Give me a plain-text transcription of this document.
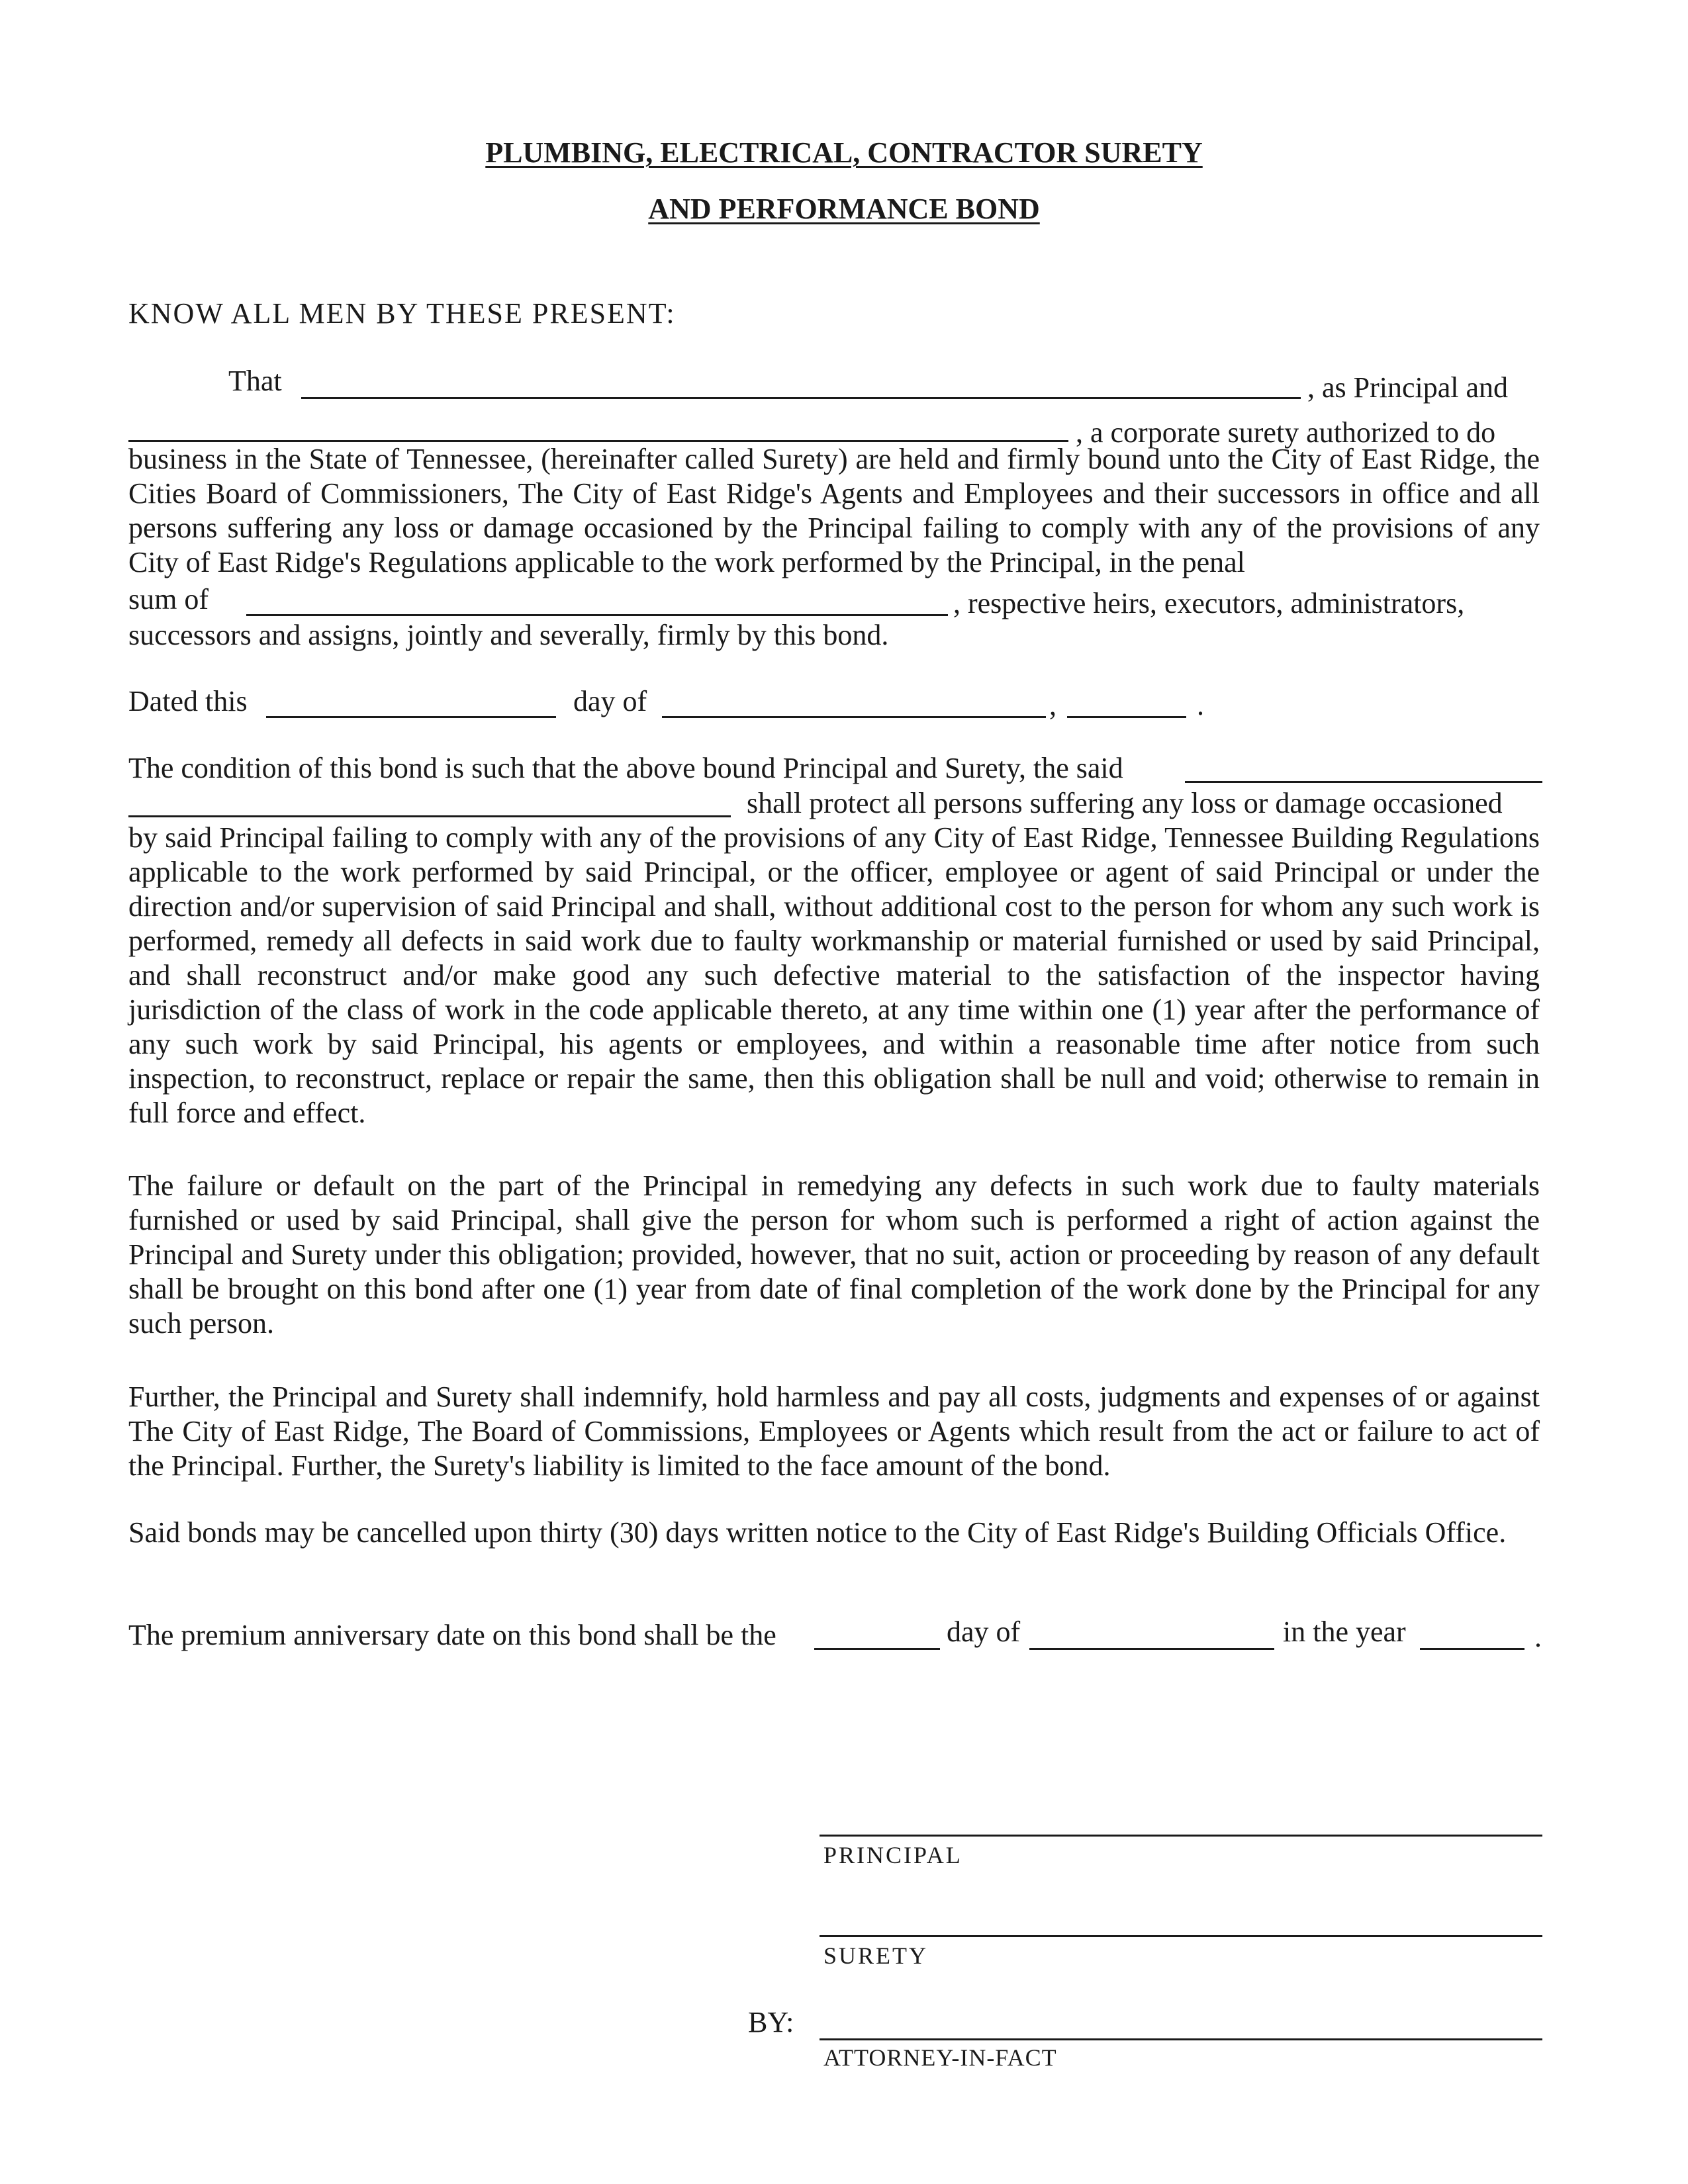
PLUMBING, ELECTRICAL, CONTRACTOR SURETY
AND PERFORMANCE BOND
KNOW ALL MEN BY THESE PRESENT:
That	, as Principal and
, a corporate surety authorized to do
business in the State of Tennessee, (hereinafter called Surety) are held and firmly bound unto the City of East Ridge, the Cities Board of Commissioners, The City of East Ridge's Agents and Employees and their successors in office and all persons suffering any loss or damage occasioned by the Principal failing to comply with any of the provisions of any City of East Ridge's Regulations applicable to the work performed by the Principal, in the penal
sum of	, respective heirs, executors, administrators,
successors and assigns, jointly and severally, firmly by this bond.
Dated this	day of	,	.
The condition of this bond is such that the above bound Principal and Surety, the said
shall protect all persons suffering any loss or damage occasioned
by said Principal failing to comply with any of the provisions of any City of East Ridge, Tennessee Building Regulations applicable to the work performed by said Principal, or the officer, employee or agent of said Principal or under the direction and/or supervision of said Principal and shall, without additional cost to the person for whom any such work is performed, remedy all defects in said work due to faulty workmanship or material furnished or used by said Principal, and shall reconstruct and/or make good any such defective material to the satisfaction of the inspector having jurisdiction of the class of work in the code applicable thereto, at any time within one (1) year after the performance of any such work by said Principal, his agents or employees, and within a reasonable time after notice from such inspection, to reconstruct, replace or repair the same, then this obligation shall be null and void; otherwise to remain in full force and effect.
The failure or default on the part of the Principal in remedying any defects in such work due to faulty materials furnished or used by said Principal, shall give the person for whom such is performed a right of action against the Principal and Surety under this obligation; provided, however, that no suit, action or proceeding by reason of any default shall be brought on this bond after one (1) year from date of final completion of the work done by the Principal for any such person.
Further, the Principal and Surety shall indemnify, hold harmless and pay all costs, judgments and expenses of or against The City of East Ridge, The Board of Commissions, Employees or Agents which result from the act or failure to act of the Principal. Further, the Surety's liability is limited to the face amount of the bond.
Said bonds may be cancelled upon thirty (30) days written notice to the City of East Ridge's Building Officials Office.
The premium anniversary date on this bond shall be the	day of	in the year	.
PRINCIPAL
SURETY
BY:
ATTORNEY-IN-FACT
